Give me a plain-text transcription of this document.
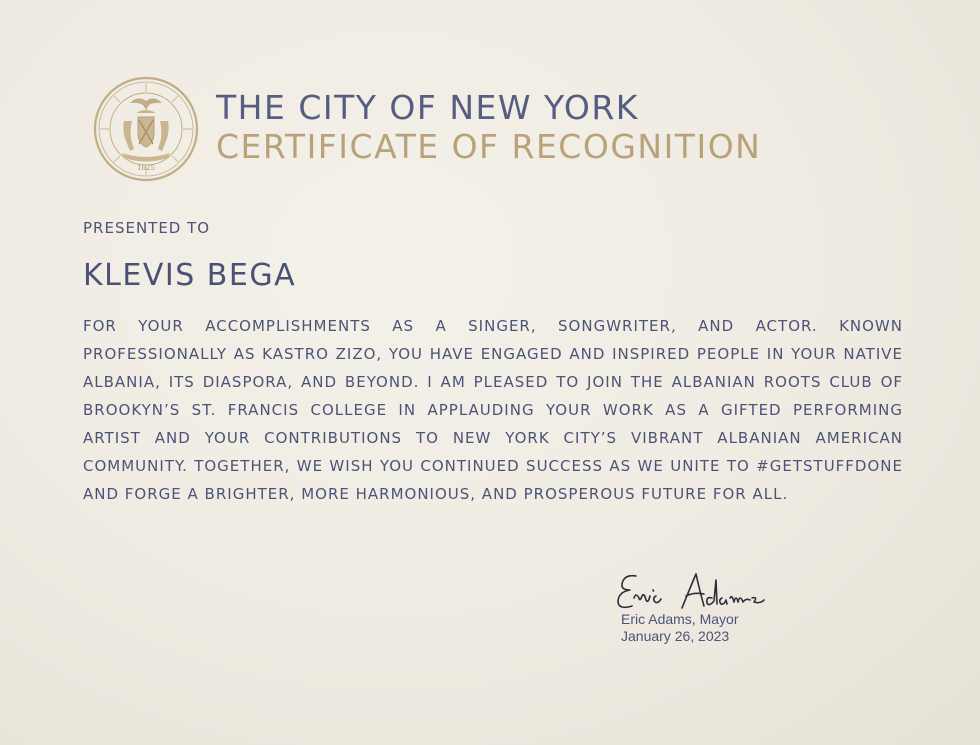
1625
THE CITY OF NEW YORK
CERTIFICATE OF RECOGNITION
PRESENTED TO
KLEVIS BEGA
FOR YOUR ACCOMPLISHMENTS AS A SINGER, SONGWRITER, AND ACTOR. KNOWN PROFESSIONALLY AS KASTRO ZIZO, YOU HAVE ENGAGED AND INSPIRED PEOPLE IN YOUR NATIVE ALBANIA, ITS DIASPORA, AND BEYOND. I AM PLEASED TO JOIN THE ALBANIAN ROOTS CLUB OF BROOKYN’S ST. FRANCIS COLLEGE IN APPLAUDING YOUR WORK AS A GIFTED PERFORMING ARTIST AND YOUR CONTRIBUTIONS TO NEW YORK CITY’S VIBRANT ALBANIAN AMERICAN COMMUNITY. TOGETHER, WE WISH YOU CONTINUED SUCCESS AS WE UNITE TO #GETSTUFFDONE AND FORGE A BRIGHTER, MORE HARMONIOUS, AND PROSPEROUS FUTURE FOR ALL.
Eric Adams, Mayor
January 26, 2023
